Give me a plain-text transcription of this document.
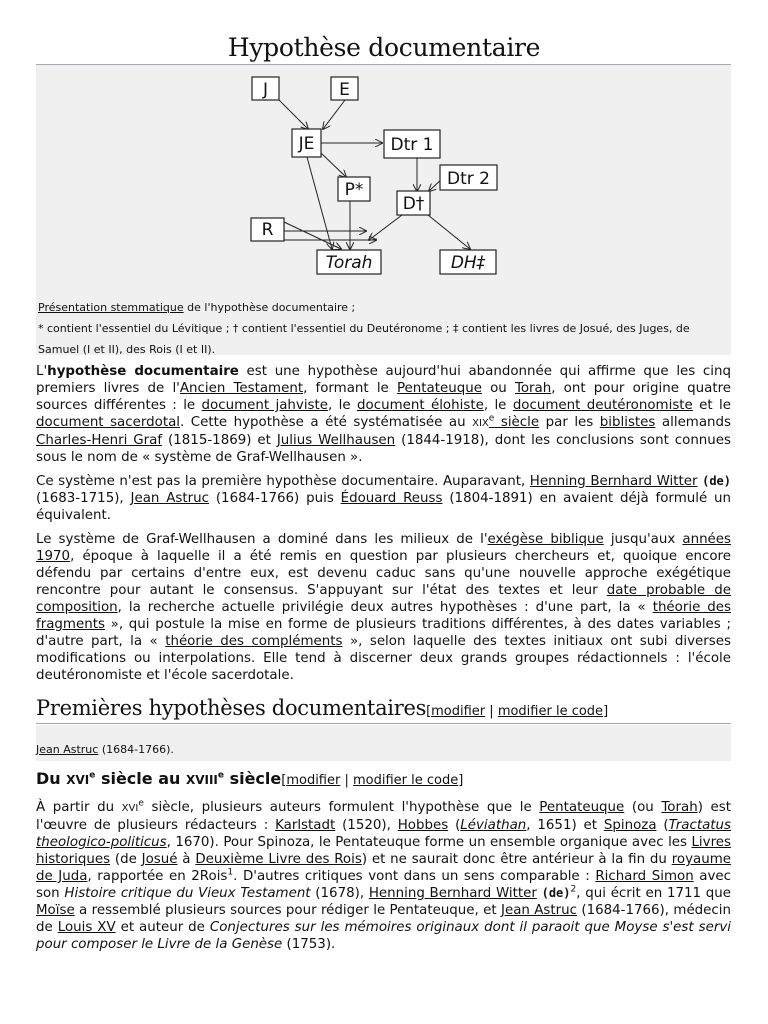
Hypothèse documentaire
J	E
JE	Dtr 1
Dtr 2
P*
D†
R
Torah	DH‡
Présentation stemmatique de l'hypothèse documentaire ;
* contient l'essentiel du Lévitique ; † contient l'essentiel du Deutéronome ; ‡ contient les livres de Josué, des Juges, de Samuel (I et II), des Rois (I et II).

L'hypothèse documentaire est une hypothèse aujourd'hui abandonnée qui affirme que les cinq premiers livres de l'Ancien Testament, formant le Pentateuque ou Torah, ont pour origine quatre sources différentes : le document jahviste, le document élohiste, le document deutéronomiste et le document sacerdotal. Cette hypothèse a été systématisée au XIXe siècle par les biblistes allemands Charles-Henri Graf (1815-1869) et Julius Wellhausen (1844-1918), dont les conclusions sont connues sous le nom de « système de Graf-Wellhausen ».

Ce système n'est pas la première hypothèse documentaire. Auparavant, Henning Bernhard Witter (de) (1683-1715), Jean Astruc (1684-1766) puis Édouard Reuss (1804-1891) en avaient déjà formulé un équivalent.

Le système de Graf-Wellhausen a dominé dans les milieux de l'exégèse biblique jusqu'aux années 1970, époque à laquelle il a été remis en question par plusieurs chercheurs et, quoique encore défendu par certains d'entre eux, est devenu caduc sans qu'une nouvelle approche exégétique rencontre pour autant le consensus. S'appuyant sur l'état des textes et leur date probable de composition, la recherche actuelle privilégie deux autres hypothèses : d'une part, la « théorie des fragments », qui postule la mise en forme de plusieurs traditions différentes, à des dates variables ; d'autre part, la « théorie des compléments », selon laquelle des textes initiaux ont subi diverses modifications ou interpolations. Elle tend à discerner deux grands groupes rédactionnels : l'école deutéronomiste et l'école sacerdotale.

Premières hypothèses documentaires[modifier | modifier le code]
Jean Astruc (1684-1766).
Du XVIe siècle au XVIIIe siècle[modifier | modifier le code]

À partir du XVIe siècle, plusieurs auteurs formulent l'hypothèse que le Pentateuque (ou Torah) est l'œuvre de plusieurs rédacteurs : Karlstadt (1520), Hobbes (Léviathan, 1651) et Spinoza (Tractatus theologico-politicus, 1670). Pour Spinoza, le Pentateuque forme un ensemble organique avec les Livres historiques (de Josué à Deuxième Livre des Rois) et ne saurait donc être antérieur à la fin du royaume de Juda, rapportée en 2Rois$^1$. D'autres critiques vont dans un sens comparable : Richard Simon avec son Histoire critique du Vieux Testament (1678), Henning Bernhard Witter (de)$^2$, qui écrit en 1711 que Moïse a ressemblé plusieurs sources pour rédiger le Pentateuque, et Jean Astruc (1684-1766), médecin de Louis XV et auteur de Conjectures sur les mémoires originaux dont il paraoit que Moyse s'est servi pour composer le Livre de la Genèse (1753).
